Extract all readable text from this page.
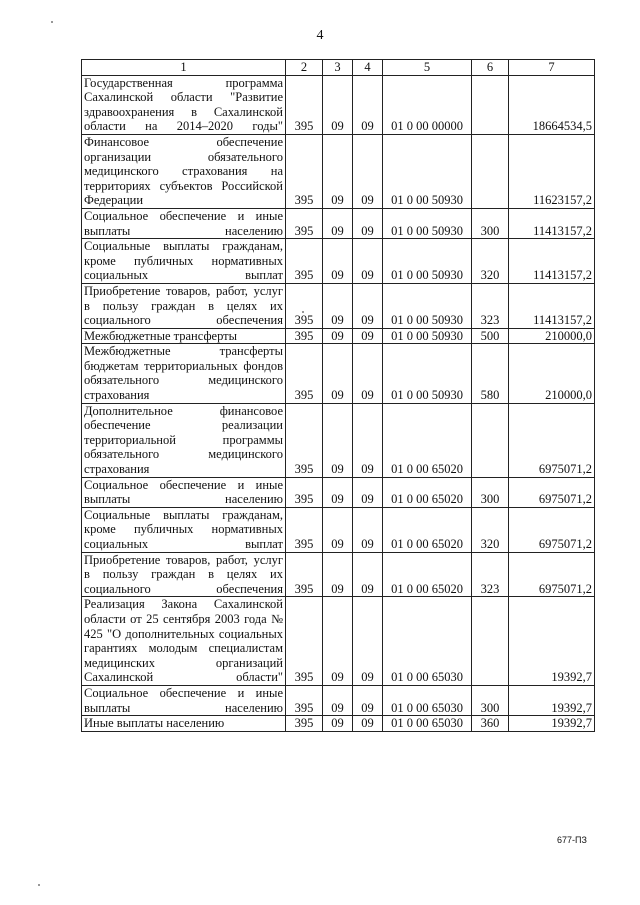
4
1	2	3	4	5	6	7
Государственная программа Сахалинской области "Развитие здравоохранения в Сахалинской области на 2014–2020 годы"	395	09	09	01 0 00 00000		18664534,5
Финансовое обеспечение организации обязательного медицинского страхования на территориях субъектов Российской Федерации	395	09	09	01 0 00 50930		11623157,2
Социальное обеспечение и иные выплаты населению	395	09	09	01 0 00 50930	300	11413157,2
Социальные выплаты гражданам, кроме публичных нормативных социальных выплат	395	09	09	01 0 00 50930	320	11413157,2
Приобретение товаров, работ, услуг в пользу граждан в целях их социального обеспечения	395	09	09	01 0 00 50930	323	11413157,2
Межбюджетные трансферты	395	09	09	01 0 00 50930	500	210000,0
Межбюджетные трансферты бюджетам территориальных фондов обязательного медицинского страхования	395	09	09	01 0 00 50930	580	210000,0
Дополнительное финансовое обеспечение реализации территориальной программы обязательного медицинского страхования	395	09	09	01 0 00 65020		6975071,2
Социальное обеспечение и иные выплаты населению	395	09	09	01 0 00 65020	300	6975071,2
Социальные выплаты гражданам, кроме публичных нормативных социальных выплат	395	09	09	01 0 00 65020	320	6975071,2
Приобретение товаров, работ, услуг в пользу граждан в целях их социального обеспечения	395	09	09	01 0 00 65020	323	6975071,2
Реализация Закона Сахалинской области от 25 сентября 2003 года № 425 "О дополнительных социальных гарантиях молодым специалистам медицинских организаций Сахалинской области"	395	09	09	01 0 00 65030		19392,7
Социальное обеспечение и иные выплаты населению	395	09	09	01 0 00 65030	300	19392,7
Иные выплаты населению	395	09	09	01 0 00 65030	360	19392,7
677-ПЗ
